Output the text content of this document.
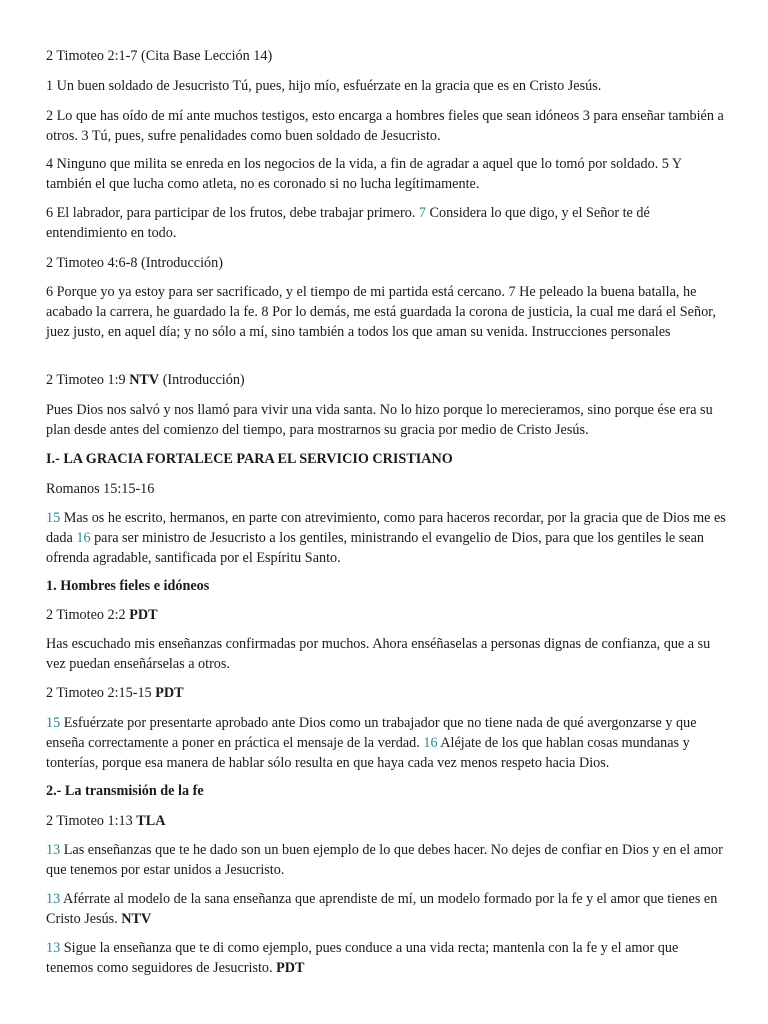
2 Timoteo 2:1-7 (Cita Base Lección 14)

1 Un buen soldado de Jesucristo Tú, pues, hijo mío, esfuérzate en la gracia que es en Cristo Jesús.

2 Lo que has oído de mí ante muchos testigos, esto encarga a hombres fieles que sean idóneos 3 para enseñar también a otros. 3 Tú, pues, sufre penalidades como buen soldado de Jesucristo.

4 Ninguno que milita se enreda en los negocios de la vida, a fin de agradar a aquel que lo tomó por soldado. 5 Y también el que lucha como atleta, no es coronado si no lucha legítimamente.

6 El labrador, para participar de los frutos, debe trabajar primero. 7 Considera lo que digo, y el Señor te dé entendimiento en todo.

2 Timoteo 4:6-8 (Introducción)

6 Porque yo ya estoy para ser sacrificado, y el tiempo de mi partida está cercano. 7 He peleado la buena batalla, he acabado la carrera, he guardado la fe. 8 Por lo demás, me está guardada la corona de justicia, la cual me dará el Señor, juez justo, en aquel día; y no sólo a mí, sino también a todos los que aman su venida. Instrucciones personales

2 Timoteo 1:9 NTV (Introducción)

Pues Dios nos salvó y nos llamó para vivir una vida santa. No lo hizo porque lo merecieramos, sino porque ése era su plan desde antes del comienzo del tiempo, para mostrarnos su gracia por medio de Cristo Jesús.

I.- LA GRACIA FORTALECE PARA EL SERVICIO CRISTIANO

Romanos 15:15-16

15 Mas os he escrito, hermanos, en parte con atrevimiento, como para haceros recordar, por la gracia que de Dios me es dada 16 para ser ministro de Jesucristo a los gentiles, ministrando el evangelio de Dios, para que los gentiles le sean ofrenda agradable, santificada por el Espíritu Santo.

1. Hombres fieles e idóneos

2 Timoteo 2:2 PDT

Has escuchado mis enseñanzas confirmadas por muchos. Ahora enséñaselas a personas dignas de confianza, que a su vez puedan enseñárselas a otros.

2 Timoteo 2:15-15 PDT

15 Esfuérzate por presentarte aprobado ante Dios como un trabajador que no tiene nada de qué avergonzarse y que enseña correctamente a poner en práctica el mensaje de la verdad. 16 Aléjate de los que hablan cosas mundanas y tonterías, porque esa manera de hablar sólo resulta en que haya cada vez menos respeto hacia Dios.

2.- La transmisión de la fe

2 Timoteo 1:13 TLA

13 Las enseñanzas que te he dado son un buen ejemplo de lo que debes hacer. No dejes de confiar en Dios y en el amor que tenemos por estar unidos a Jesucristo.

13 Aférrate al modelo de la sana enseñanza que aprendiste de mí, un modelo formado por la fe y el amor que tienes en Cristo Jesús. NTV

13 Sigue la enseñanza que te di como ejemplo, pues conduce a una vida recta; mantenla con la fe y el amor que tenemos como seguidores de Jesucristo. PDT
